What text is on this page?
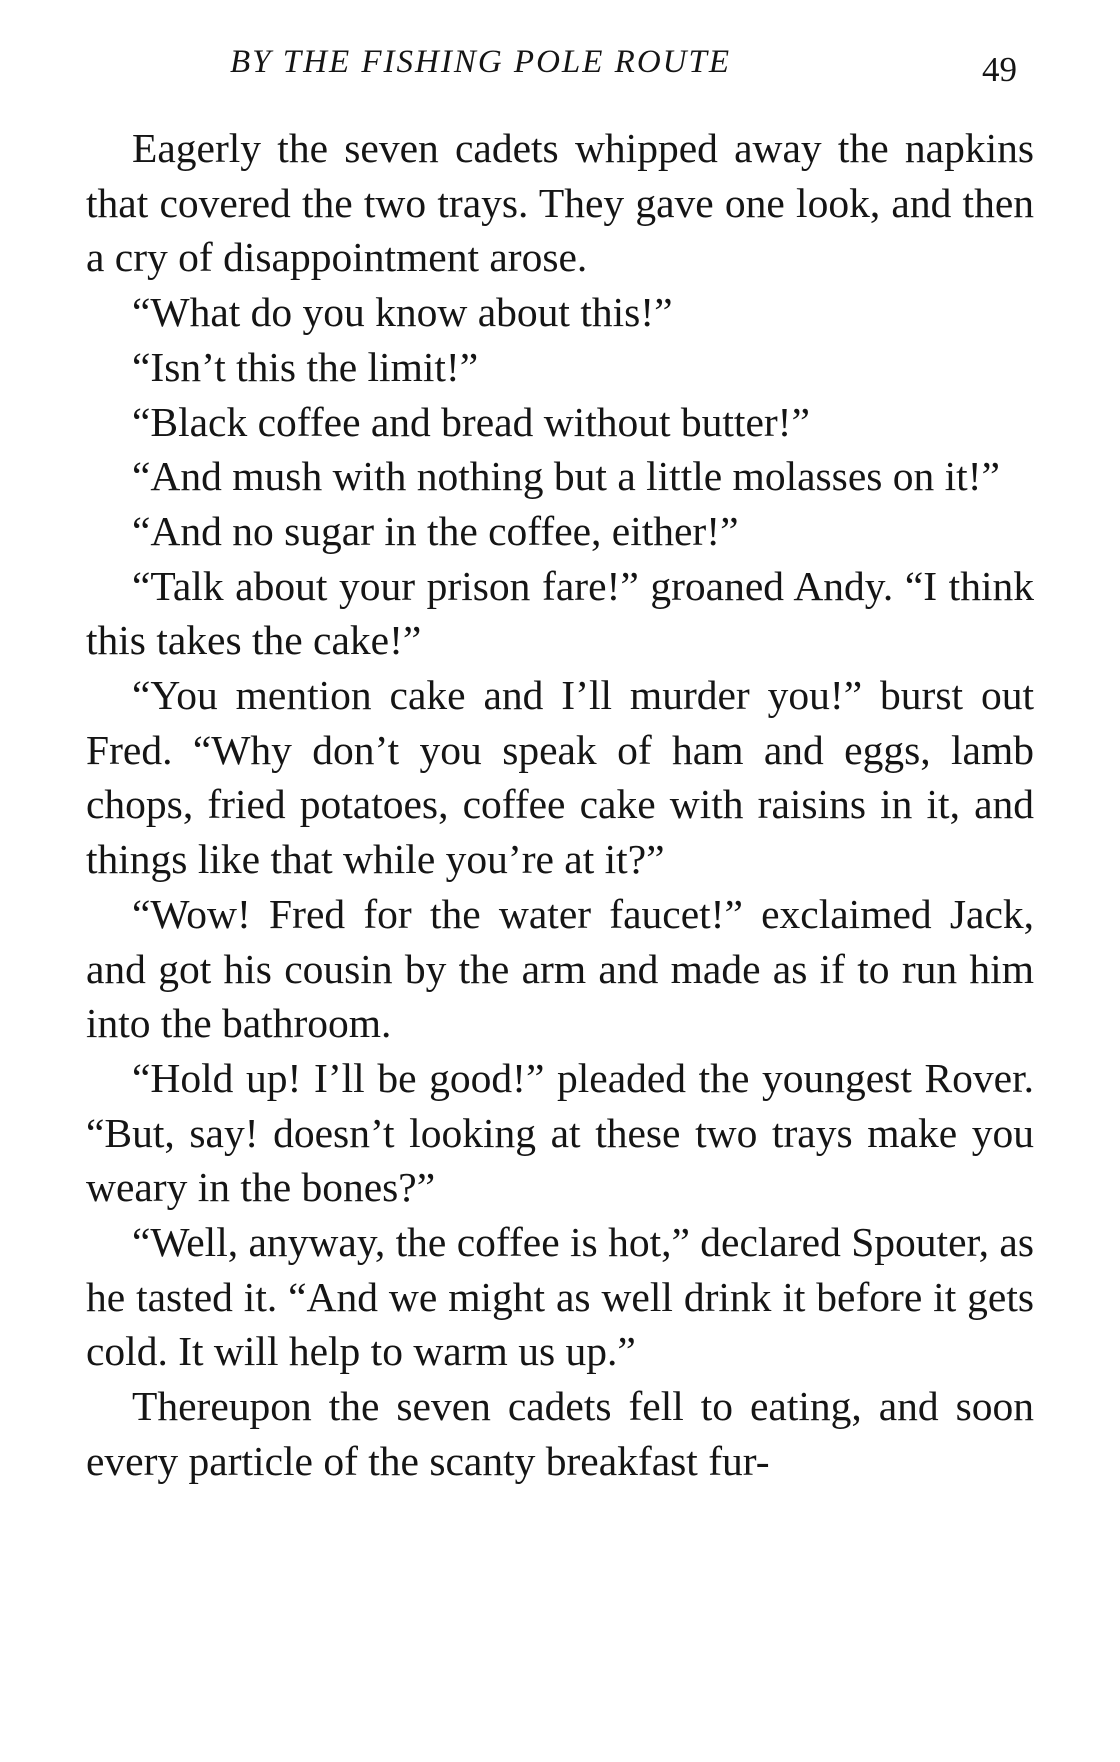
BY THE FISHING POLE ROUTE	49

Eagerly the seven cadets whipped away the napkins that covered the two trays. They gave one look, and then a cry of disappointment arose.

“What do you know about this!”

“Isn’t this the limit!”

“Black coffee and bread without butter!”

“And mush with nothing but a little molasses on it!”

“And no sugar in the coffee, either!”

“Talk about your prison fare!” groaned Andy. “I think this takes the cake!”

“You mention cake and I’ll murder you!” burst out Fred. “Why don’t you speak of ham and eggs, lamb chops, fried potatoes, coffee cake with raisins in it, and things like that while you’re at it?”

“Wow! Fred for the water faucet!” exclaimed Jack, and got his cousin by the arm and made as if to run him into the bathroom.

“Hold up! I’ll be good!” pleaded the youngest Rover. “But, say! doesn’t looking at these two trays make you weary in the bones?”

“Well, anyway, the coffee is hot,” declared Spouter, as he tasted it. “And we might as well drink it before it gets cold. It will help to warm us up.”

Thereupon the seven cadets fell to eating, and soon every particle of the scanty breakfast fur-
